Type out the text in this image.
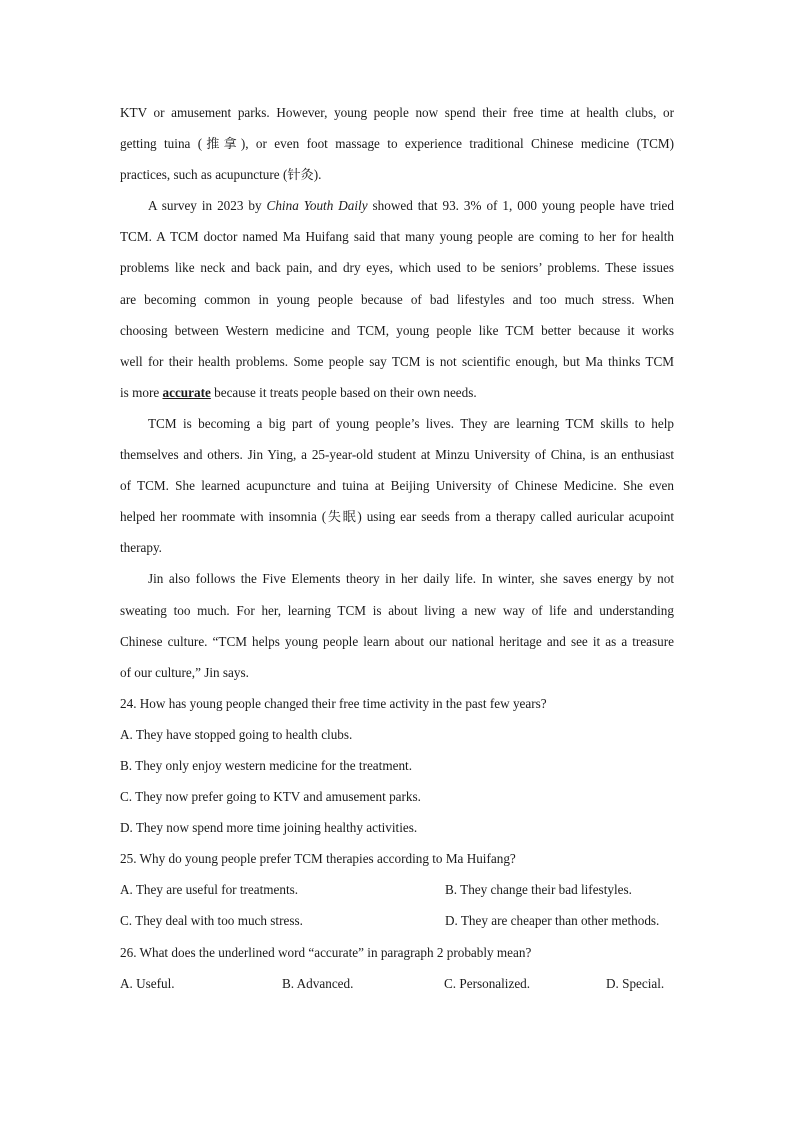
KTV or amusement parks. However, young people now spend their free time at health clubs, or
getting tuina (推拿), or even foot massage to experience traditional Chinese medicine (TCM)
practices, such as acupuncture (针灸).
A survey in 2023 by China Youth Daily showed that 93. 3% of 1, 000 young people have tried
TCM. A TCM doctor named Ma Huifang said that many young people are coming to her for health
problems like neck and back pain, and dry eyes, which used to be seniors’ problems. These issues
are becoming common in young people because of bad lifestyles and too much stress. When
choosing between Western medicine and TCM, young people like TCM better because it works
well for their health problems. Some people say TCM is not scientific enough, but Ma thinks TCM
is more accurate because it treats people based on their own needs.
TCM is becoming a big part of young people’s lives. They are learning TCM skills to help
themselves and others. Jin Ying, a 25-year-old student at Minzu University of China, is an enthusiast
of TCM. She learned acupuncture and tuina at Beijing University of Chinese Medicine. She even
helped her roommate with insomnia (失眠) using ear seeds from a therapy called auricular acupoint
therapy.
Jin also follows the Five Elements theory in her daily life. In winter, she saves energy by not
sweating too much. For her, learning TCM is about living a new way of life and understanding
Chinese culture. “TCM helps young people learn about our national heritage and see it as a treasure
of our culture,” Jin says.
24. How has young people changed their free time activity in the past few years?
A. They have stopped going to health clubs.
B. They only enjoy western medicine for the treatment.
C. They now prefer going to KTV and amusement parks.
D. They now spend more time joining healthy activities.
25. Why do young people prefer TCM therapies according to Ma Huifang?
A. They are useful for treatments.	B. They change their bad lifestyles.
C. They deal with too much stress.	D. They are cheaper than other methods.
26. What does the underlined word “accurate” in paragraph 2 probably mean?
A. Useful.	B. Advanced.	C. Personalized.	D. Special.
